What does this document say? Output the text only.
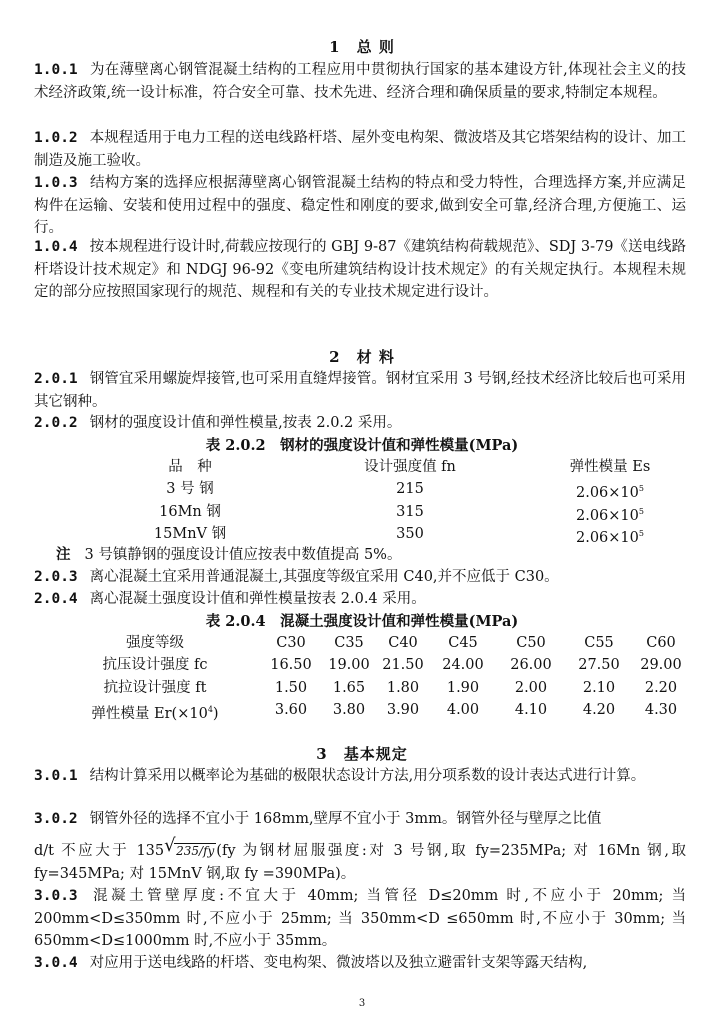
1　总 则
1.0.1 为在薄壁离心钢管混凝土结构的工程应用中贯彻执行国家的基本建设方针,体现社会主义的技术经济政策,统一设计标准，符合安全可靠、技术先进、经济合理和确保质量的要求,特制定本规程。
1.0.2 本规程适用于电力工程的送电线路杆塔、屋外变电构架、微波塔及其它塔架结构的设计、加工制造及施工验收。
1.0.3 结构方案的选择应根据薄壁离心钢管混凝土结构的特点和受力特性，合理选择方案,并应满足构件在运输、安装和使用过程中的强度、稳定性和刚度的要求,做到安全可靠,经济合理,方便施工、运行。
1.0.4 按本规程进行设计时,荷载应按现行的 GBJ 9-87《建筑结构荷载规范》、SDJ 3-79《送电线路杆塔设计技术规定》和 NDGJ 96-92《变电所建筑结构设计技术规定》的有关规定执行。本规程未规定的部分应按照国家现行的规范、规程和有关的专业技术规定进行设计。
2　材 料
2.0.1 钢管宜采用螺旋焊接管,也可采用直缝焊接管。钢材宜采用 3 号钢,经技术经济比较后也可采用其它钢种。
2.0.2 钢材的强度设计值和弹性模量,按表 2.0.2 采用。
表 2.0.2　钢材的强度设计值和弹性模量(MPa)
品　种	设计强度值 fn	弹性模量 Es
3 号 钢	215	$2.06\times 10^5$
16Mn 钢	315	$2.06\times 10^5$
15MnV 钢	350	$2.06\times 10^5$
注 3 号镇静钢的强度设计值应按表中数值提高 5%。
2.0.3 离心混凝土宜采用普通混凝土,其强度等级宜采用 C40,并不应低于 C30。
2.0.4 离心混凝土强度设计值和弹性模量按表 2.0.4 采用。
表 2.0.4　混凝土强度设计值和弹性模量(MPa)
强度等级	C30	C35	C40	C45	C50	C55	C60
抗压设计强度 fc	16.50	19.00 21.50	24.00	26.00	27.50	29.00
抗拉设计强度 ft	1.50	1.65	1.80	1.90	2.00	2.10	2.20
弹性模量 $Er(\times 10^4)$	3.60	3.80	3.90	4.00	4.10	4.20	4.30
3　基本规定
3.0.1 结构计算采用以概率论为基础的极限状态设计方法,用分项系数的设计表达式进行计算。
3.0.2 钢管外径的选择不宜小于 168mm,壁厚不宜小于 3mm。钢管外径与壁厚之比值
d/t 不应大于 135√ 235/fy (fy 为钢材屈服强度:对 3 号钢,取 fy=235MPa; 对 16Mn 钢,取 fy=345MPa; 对 15MnV 钢,取 fy =390MPa)。
3.0.3 混凝土管壁厚度:不宜大于 40mm; 当管径 D≤20mm 时,不应小于 20mm; 当 200mm<D≤350mm 时,不应小于 25mm; 当 350mm<D ≤650mm 时,不应小于 30mm; 当 650mm<D≤1000mm 时,不应小于 35mm。
3.0.4 对应用于送电线路的杆塔、变电构架、微波塔以及独立避雷针支架等露天结构,
3
